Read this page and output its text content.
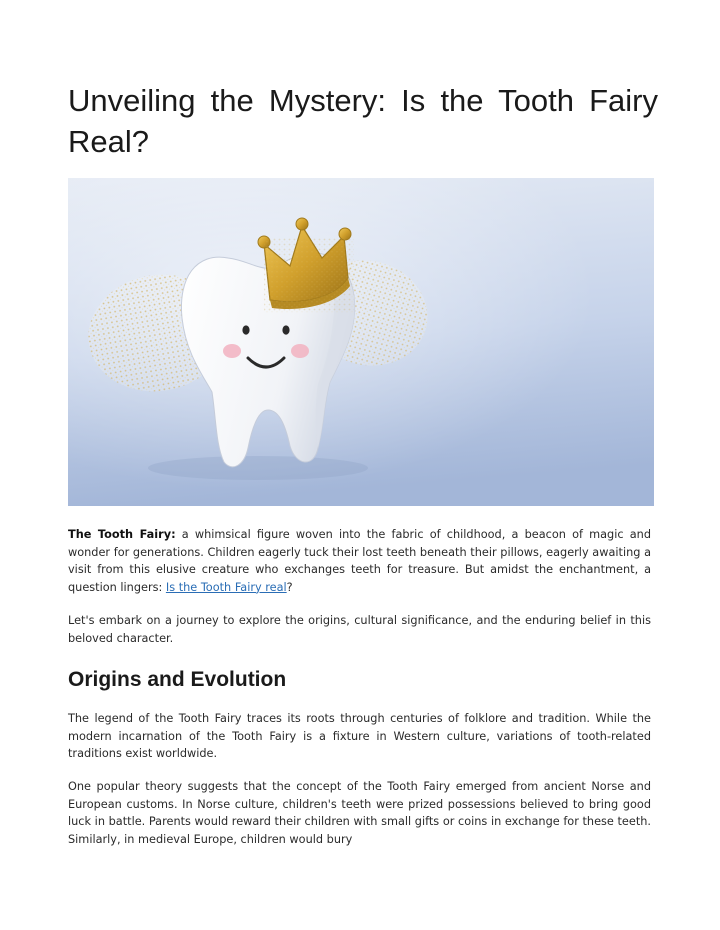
Unveiling the Mystery: Is the Tooth Fairy Real?

The Tooth Fairy: a whimsical figure woven into the fabric of childhood, a beacon of magic and wonder for generations. Children eagerly tuck their lost teeth beneath their pillows, eagerly awaiting a visit from this elusive creature who exchanges teeth for treasure. But amidst the enchantment, a question lingers: Is the Tooth Fairy real?

Let's embark on a journey to explore the origins, cultural significance, and the enduring belief in this beloved character.

Origins and Evolution

The legend of the Tooth Fairy traces its roots through centuries of folklore and tradition. While the modern incarnation of the Tooth Fairy is a fixture in Western culture, variations of tooth-related traditions exist worldwide.

One popular theory suggests that the concept of the Tooth Fairy emerged from ancient Norse and European customs. In Norse culture, children's teeth were prized possessions believed to bring good luck in battle. Parents would reward their children with small gifts or coins in exchange for these teeth. Similarly, in medieval Europe, children would bury
